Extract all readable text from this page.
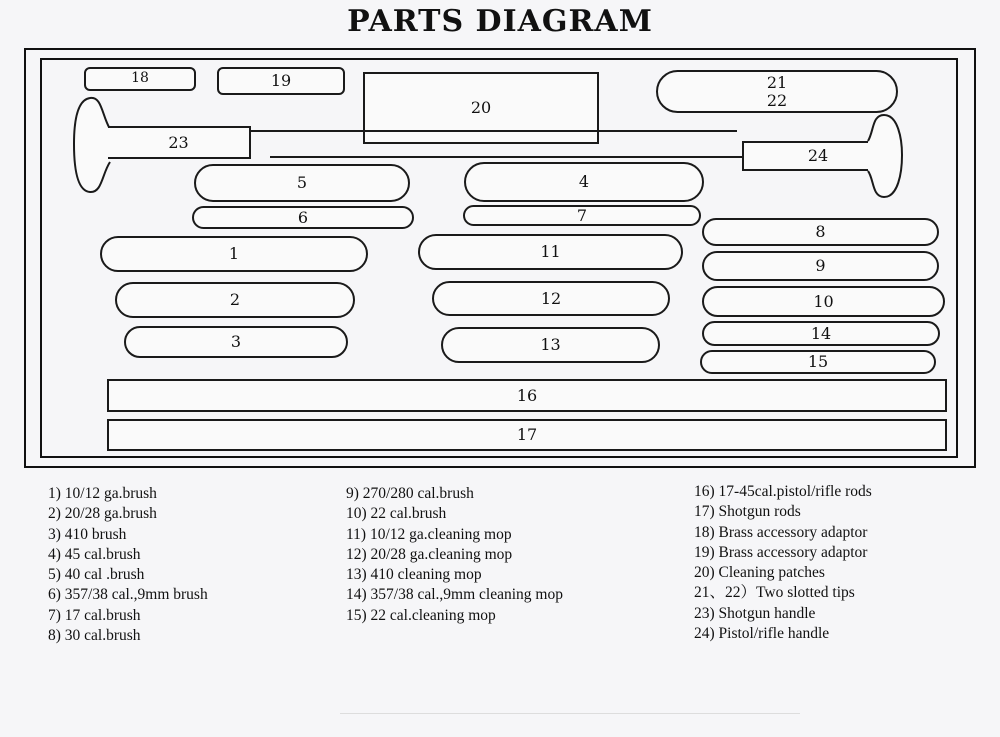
PARTS DIAGRAM
18	19
20
21
22
23
24
5	4
6	7
8
9
10
14
15
1
2
3
11
12
13
16
17
1) 10/12 ga.brush
2) 20/28 ga.brush
3) 410 brush
4) 45 cal.brush
5) 40 cal .brush
6) 357/38 cal.,9mm brush
7) 17 cal.brush
8) 30 cal.brush
9) 270/280 cal.brush
10) 22 cal.brush
11) 10/12 ga.cleaning mop
12) 20/28 ga.cleaning mop
13) 410 cleaning mop
14) 357/38 cal.,9mm cleaning mop
15) 22 cal.cleaning mop
16) 17-45cal.pistol/rifle rods
17) Shotgun rods
18) Brass accessory adaptor
19) Brass accessory adaptor
20) Cleaning patches
21、22）Two slotted tips
23) Shotgun handle
24) Pistol/rifle handle
